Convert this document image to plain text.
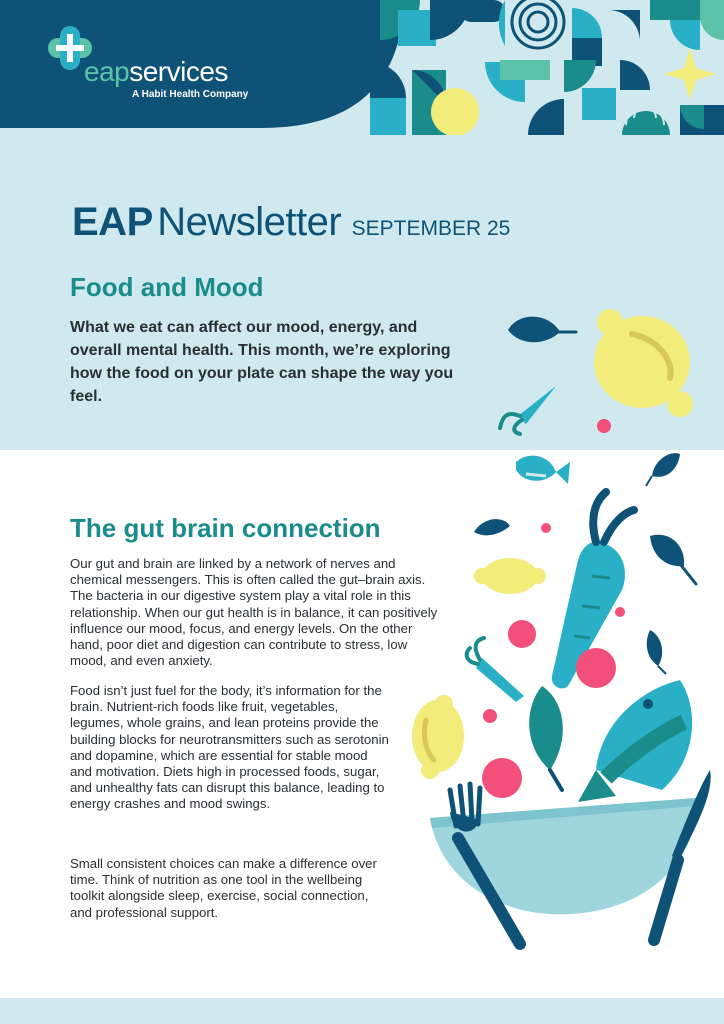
eapservices
A Habit Health Company
EAP Newsletter SEPTEMBER 25
Food and Mood
What we eat can affect our mood, energy, and overall mental health. This month, we’re exploring how the food on your plate can shape the way you feel.
The gut brain connection
Our gut and brain are linked by a network of nerves and chemical messengers. This is often called the gut–brain axis. The bacteria in our digestive system play a vital role in this relationship. When our gut health is in balance, it can positively influence our mood, focus, and energy levels. On the other hand, poor diet and digestion can contribute to stress, low mood, and even anxiety.
Food isn’t just fuel for the body, it’s information for the brain. Nutrient-rich foods like fruit, vegetables, legumes, whole grains, and lean proteins provide the building blocks for neurotransmitters such as serotonin and dopamine, which are essential for stable mood and motivation. Diets high in processed foods, sugar, and unhealthy fats can disrupt this balance, leading to energy crashes and mood swings.
Small consistent choices can make a difference over time. Think of nutrition as one tool in the wellbeing toolkit alongside sleep, exercise, social connection, and professional support.
